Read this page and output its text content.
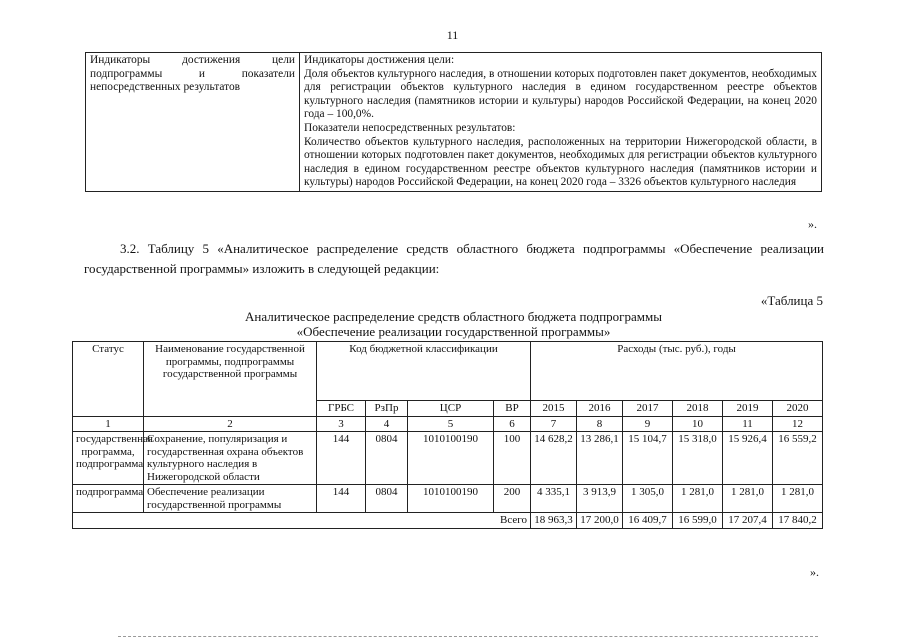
11
Индикаторы достижения цели подпрограммы и показатели непосредственных результатов	
Индикаторы достижения цели:
Доля объектов культурного наследия, в отношении которых подготовлен пакет документов, необходимых для регистрации объектов культурного наследия в едином государственном реестре объектов культурного наследия (памятников истории и культуры) народов Российской Федерации, на конец 2020 года – 100,0%.
Показатели непосредственных результатов:
Количество объектов культурного наследия, расположенных на территории Нижегородской области, в отношении которых подготовлен пакет документов, необходимых для регистрации объектов культурного наследия в едином государственном реестре объектов культурного наследия (памятников истории и культуры) народов Российской Федерации, на конец 2020 года – 3326 объектов культурного наследия
».
3.2. Таблицу 5 «Аналитическое распределение средств областного бюджета подпрограммы «Обеспечение реализации государственной программы» изложить в следующей редакции:
«Таблица 5
Аналитическое распределение средств областного бюджета подпрограммы
«Обеспечение реализации государственной программы»
Статус	Наименование государственной программы, подпрограммы государственной программы	Код бюджетной классификации				Расходы (тыс. руб.), годы					
		ГРБС	РзПр	ЦСР	ВР	2015	2016	2017	2018	2019	2020
1	2	3	4	5	6	7	8	9	10	11	12
государственная программа, подпрограмма	Сохранение, популяризация и государственная охрана объектов культурного наследия в Нижегородской области	144	0804	1010100190	100	14 628,2	13 286,1	15 104,7	15 318,0	15 926,4	16 559,2
подпрограмма	Обеспечение реализации государственной программы	144	0804	1010100190	200	4 335,1	3 913,9	1 305,0	1 281,0	1 281,0	1 281,0
Всего						18 963,3	17 200,0	16 409,7	16 599,0	17 207,4	17 840,2
».
